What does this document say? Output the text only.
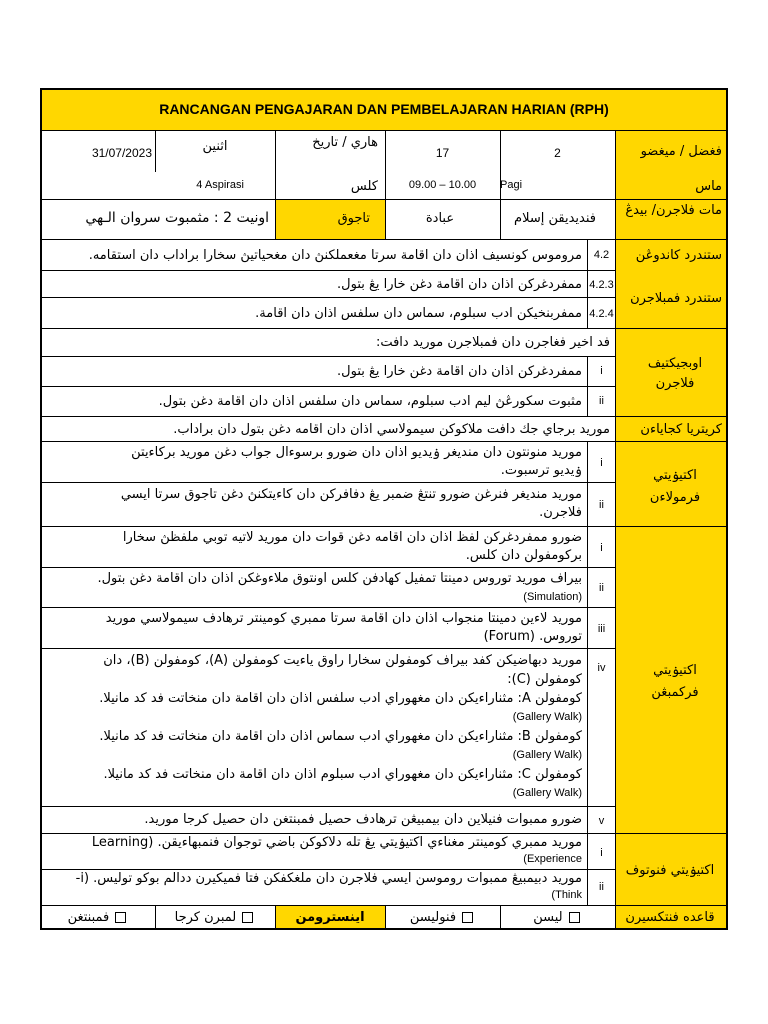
RANCANGAN PENGAJARAN DAN PEMBELAJARAN HARIAN (RPH)
فغضل / ميغضو
2
17
هاري / تاريخ
اثنين
31/07/2023
ماس
Pagi
09.00 – 10.00
كلس
4 Aspirasi
مات فلاجرن/ بيدڠ
فنديديقن إسلام
عبادة
تاجوق
اونيت 2 : مثمبوت سروان الـهي
ستندرد کاندوڠن
4.2
مروموس كونسيف اذان دان اقامة سرتا مغعملكنڽ دان مغحياتيڽ سخارا براداب دان استقامه.
ستندرد فمبلاجرن
4.2.3
ممفردغركن اذان دان اقامة دغن خارا يڠ بتول.
4.2.4
ممفربنخيكن ادب سبلوم، سماس دان سلفس اذان دان اقامة.
اوبجيكتيف فلاجرن
فد اخير فغاجرن دان فمبلاجرن موريد دافت:
i
ممفردغركن اذان دان اقامة دغن خارا يڠ بتول.
ii
مثبوت سكورڠڽ ليم ادب سبلوم، سماس دان سلفس اذان دان اقامة دغن بتول.
كريتريا كجاياءن
موريد برجاي جك دافت ملاكوكن سيمولاسي اذان دان اقامه دغن بتول دان براداب.
اكتيۏيتي فرمولاءن
i
موريد منونتون دان منديغر ۏيديو اذان دان ضورو برسوءال جواب دغن موريد بركاءيتن
ۏيديو ترسبوت.
ii
موريد منديغر فنرغن ضورو تنتڠ ضمبر يڠ دفافركن دان كاءيتكنڽ دغن تاجوق سرتا ايسي
فلاجرن.
اكتيۏيتي فركمبڠن
i
ضورو ممفردغركن لفظ اذان دان اقامه دغن قوات دان موريد لاتيه توبي ملفظڽ سخارا
بركومفولن دان كلس.
ii
بيراف موريد توروس دمينتا تمفيل كهادفن كلس اونتوق ملاءوغكن اذان دان اقامة دغن بتول.
(Simulation)
iii
موريد لاءين دمينتا منجواب اذان دان اقامة سرتا ممبري كومينتر ترهادف سيمولاسي موريد
توروس. (Forum)
iv
موريد دبهاضيكن كفد بيراف كومفولن سخارا راوق ياءيت كومفولن (A)، كومفولن (B)، دان
كومفولن (C):
كومفولن A: مثناراءيكن دان مغهوراي ادب سلفس اذان دان اقامة دان منخاتت فد كد مانيلا.
(Gallery Walk)
كومفولن B: مثناراءيكن دان مغهوراي ادب سماس اذان دان اقامة دان منخاتت فد كد مانيلا.
(Gallery Walk)
كومفولن C: مثناراءيكن دان مغهوراي ادب سبلوم اذان دان اقامة دان منخاتت فد كد مانيلا.
(Gallery Walk)
v
ضورو ممبوات فنيلاين دان بيمبيڠن ترهادف حصيل فمبنتغن دان حصيل كرجا موريد.
اكتيۏيتي فنوتوف
i
موريد ممبري كومينتر مغناءي اكتيۏيتي يڠ تله دلاكوكن باضي توجوان فنمبهاءيقن. (Learning
Experience)
ii
موريد دبيمبيڠ ممبوات روموسن ايسي فلاجرن دان ملغكفكن فتا فميكيرن ددالم بوكو توليس. (i-
Think)
قاعده فنتكسيرن
ليسن
فنوليسن
اينسترومن
لمبرن كرجا
فمبنتغن
